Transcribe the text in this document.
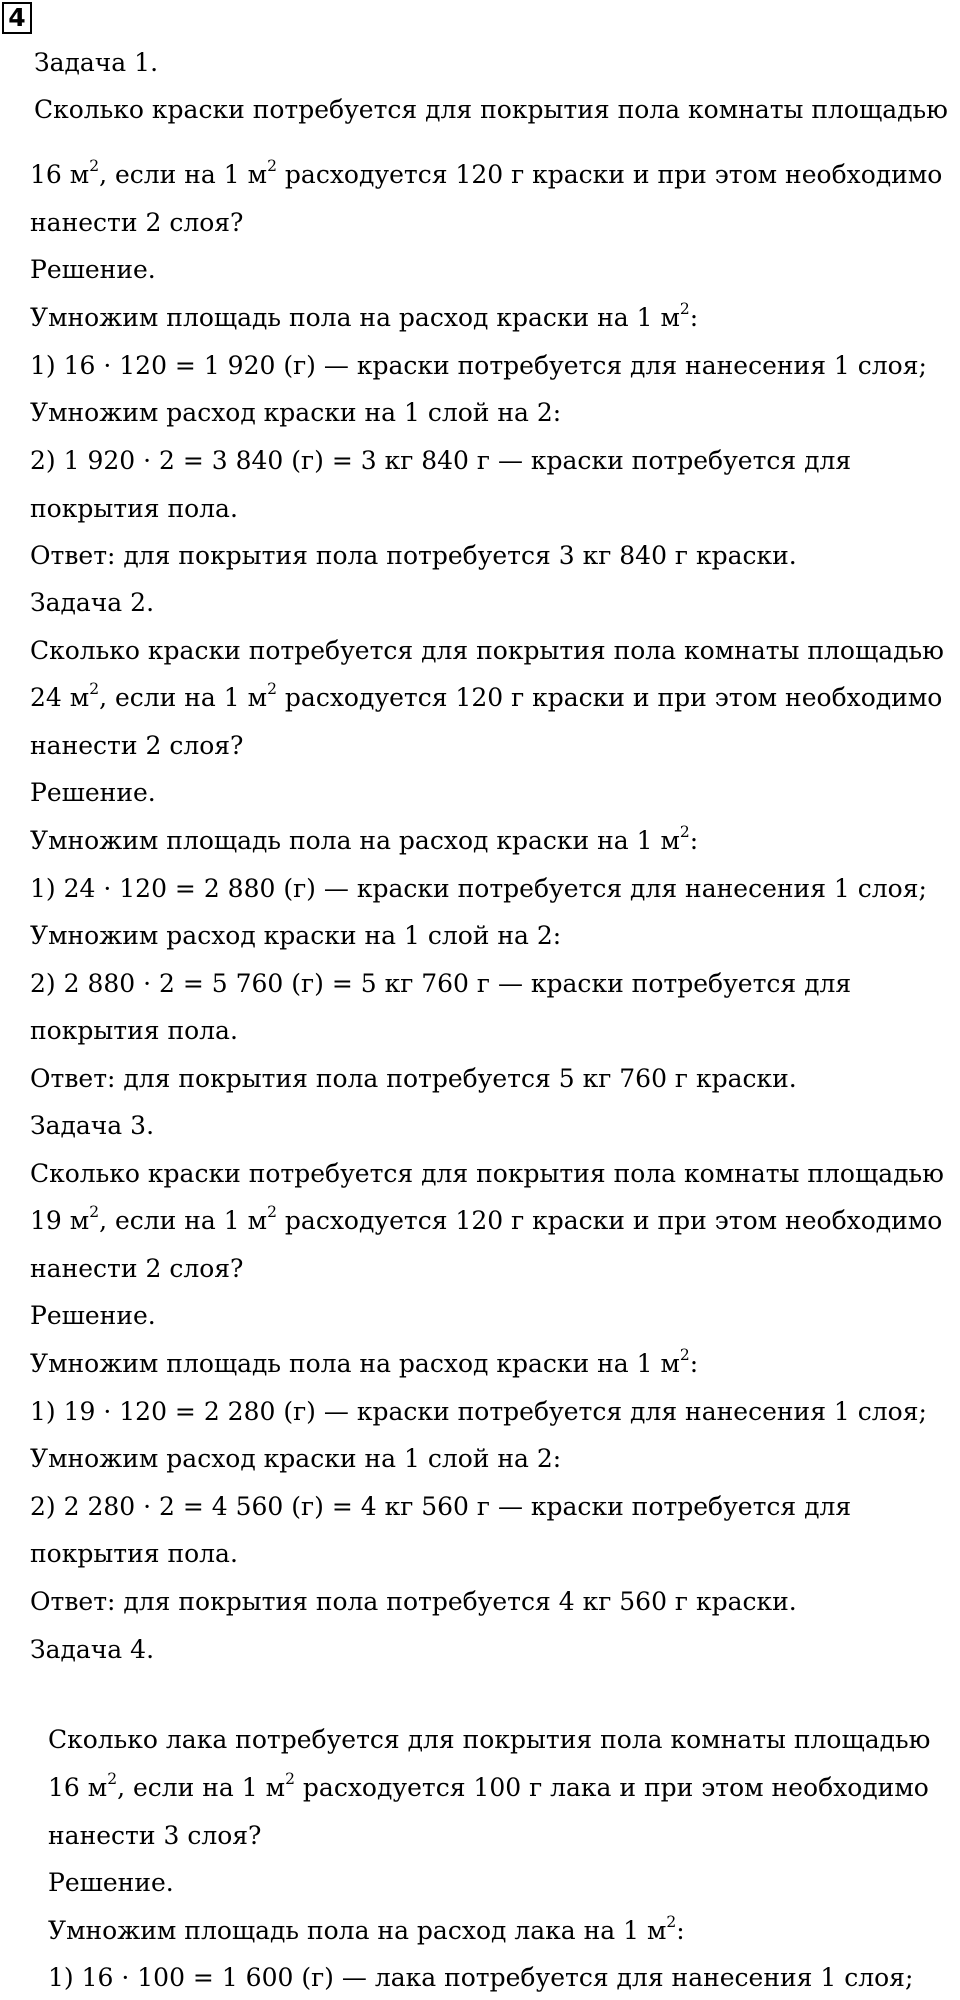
4

Задача 1.

Сколько краски потребуется для покрытия пола комнаты площадью

16 $м^2$, если на 1 $м^2$ расходуется 120 г краски и при этом необходимо

нанести 2 слоя?

Решение.

Умножим площадь пола на расход краски на 1 $м^2$:

1) 16 · 120 = 1 920 (г) — краски потребуется для нанесения 1 слоя;

Умножим расход краски на 1 слой на 2:

2) 1 920 · 2 = 3 840 (г) = 3 кг 840 г — краски потребуется для

покрытия пола.

Ответ: для покрытия пола потребуется 3 кг 840 г краски.

Задача 2.

Сколько краски потребуется для покрытия пола комнаты площадью

24 $м^2$, если на 1 $м^2$ расходуется 120 г краски и при этом необходимо

нанести 2 слоя?

Решение.

Умножим площадь пола на расход краски на 1 $м^2$:

1) 24 · 120 = 2 880 (г) — краски потребуется для нанесения 1 слоя;

Умножим расход краски на 1 слой на 2:

2) 2 880 · 2 = 5 760 (г) = 5 кг 760 г — краски потребуется для

покрытия пола.

Ответ: для покрытия пола потребуется 5 кг 760 г краски.

Задача 3.

Сколько краски потребуется для покрытия пола комнаты площадью

19 $м^2$, если на 1 $м^2$ расходуется 120 г краски и при этом необходимо

нанести 2 слоя?

Решение.

Умножим площадь пола на расход краски на 1 $м^2$:

1) 19 · 120 = 2 280 (г) — краски потребуется для нанесения 1 слоя;

Умножим расход краски на 1 слой на 2:

2) 2 280 · 2 = 4 560 (г) = 4 кг 560 г — краски потребуется для

покрытия пола.

Ответ: для покрытия пола потребуется 4 кг 560 г краски.

Задача 4.

Сколько лака потребуется для покрытия пола комнаты площадью

16 $м^2$, если на 1 $м^2$ расходуется 100 г лака и при этом необходимо

нанести 3 слоя?

Решение.

Умножим площадь пола на расход лака на 1 $м^2$:

1) 16 · 100 = 1 600 (г) — лака потребуется для нанесения 1 слоя;
